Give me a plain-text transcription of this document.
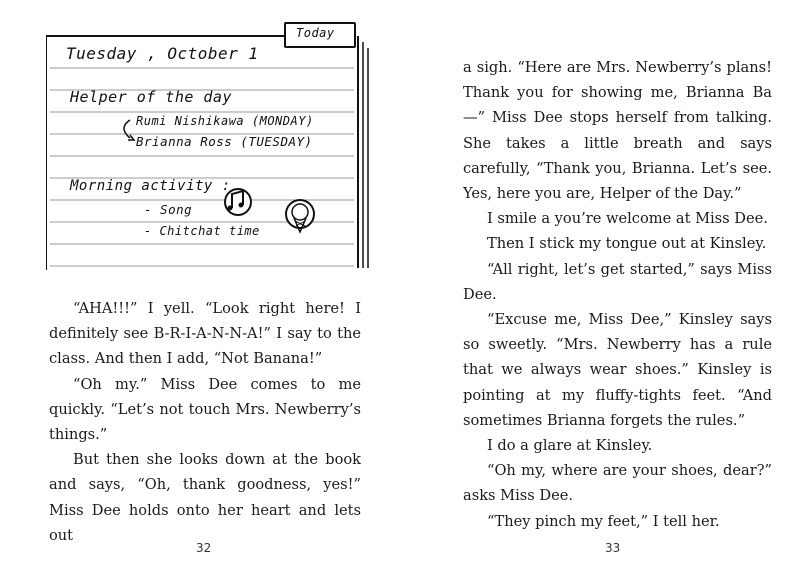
Today
Tuesday , October 1
Helper of the day
Rumi Nishikawa (MONDAY)
Brianna Ross (TUESDAY)
Morning activity :
- Song
- Chitchat time

“AHA!!!” I yell. “Look right here! I definitely see B-R-I-A-N-N-A!” I say to the class. And then I add, “Not Banana!”

“Oh my.” Miss Dee comes to me quickly. “Let’s not touch Mrs. Newberry’s things.”

But then she looks down at the book and says, “Oh, thank goodness, yes!” Miss Dee holds onto her heart and lets out

32

a sigh. “Here are Mrs. Newberry’s plans! Thank you for showing me, Brianna Ba—” Miss Dee stops herself from talking. She takes a little breath and says carefully, “Thank you, Brianna. Let’s see. Yes, here you are, Helper of the Day.”

I smile a you’re welcome at Miss Dee.

Then I stick my tongue out at Kinsley.

“All right, let’s get started,” says Miss Dee.

“Excuse me, Miss Dee,” Kinsley says so sweetly. “Mrs. Newberry has a rule that we always wear shoes.” Kinsley is pointing at my fluffy-tights feet. “And sometimes Brianna forgets the rules.”

I do a glare at Kinsley.

“Oh my, where are your shoes, dear?” asks Miss Dee.

“They pinch my feet,” I tell her.

33
